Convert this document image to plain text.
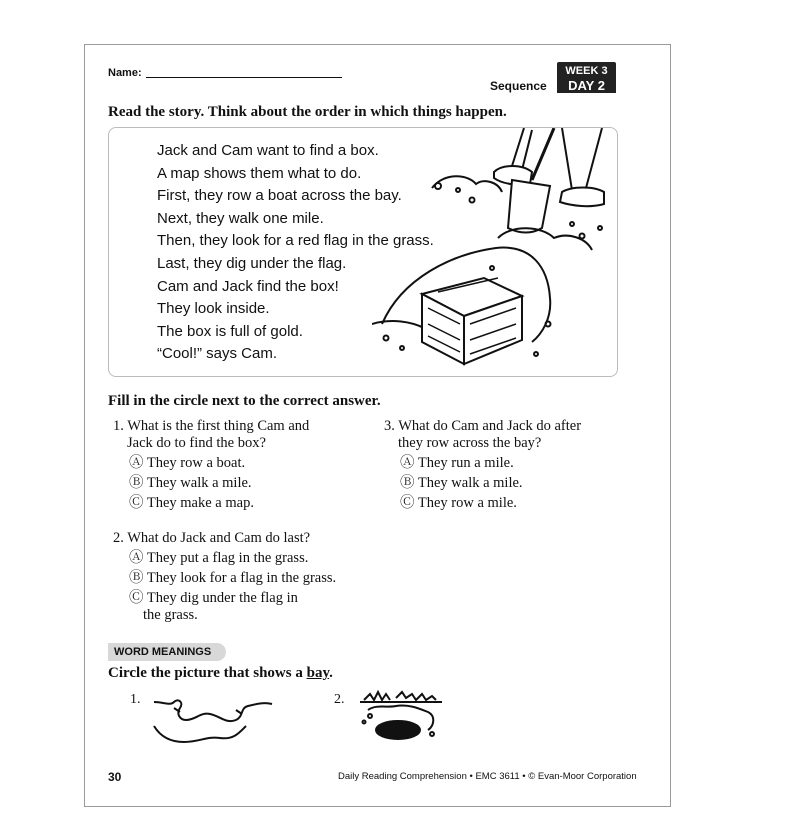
Name:
Sequence
WEEK 3
DAY 2
Read the story. Think about the order in which things happen.
Jack and Cam want to find a box.
A map shows them what to do.
First, they row a boat across the bay.
Next, they walk one mile.
Then, they look for a red flag in the grass.
Last, they dig under the flag.
Cam and Jack find the box!
They look inside.
The box is full of gold.
“Cool!” says Cam.
Fill in the circle next to the correct answer.

1. What is the first thing Cam and

Jack do to find the box?

Ⓐ They row a boat.

Ⓑ They walk a mile.

Ⓒ They make a map.

2. What do Jack and Cam do last?

Ⓐ They put a flag in the grass.

Ⓑ They look for a flag in the grass.

Ⓒ They dig under the flag in

the grass.

3. What do Cam and Jack do after

they row across the bay?

Ⓐ They run a mile.

Ⓑ They walk a mile.

Ⓒ They row a mile.

WORD MEANINGS
Circle the picture that shows a bay.
1.	2.
30	Daily Reading Comprehension • EMC 3611 • © Evan-Moor Corporation
